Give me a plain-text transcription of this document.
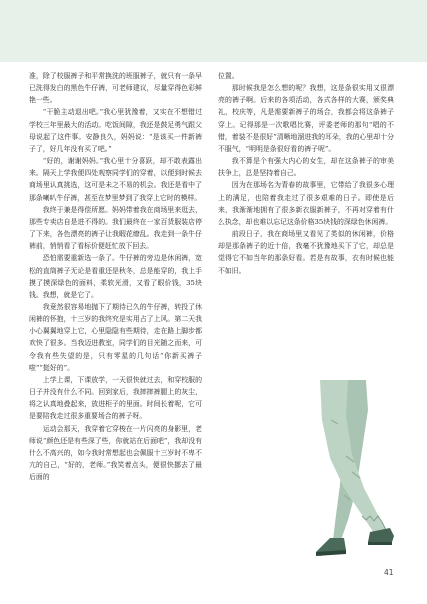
准，除了校服裤子和平常换洗的班服裤子，就只有一条早已洗得发白的黑色牛仔裤，可老师建议，尽量穿得色彩鲜艳一些。

“干脆主动退出吧。”我心里犹豫着，又实在不想错过学校三年里最大的活动。吃饭间隙，我还是鼓足勇气跟父母说起了这件事。安静良久，妈妈说：“是该买一件新裤子了，好几年没有买了吧。”

“好的，谢谢妈妈。”我心里十分喜跃，却不敢表露出来。隔天上学我便四处观察同学们的穿着，以便到时候去商场里认真挑选，这可是未之不易的机会。我还是看中了那条喇叭牛仔裤，甚至在梦里梦到了我穿上它时的模样。

我终于兼是得偿所愿。妈妈带着我在商场里来逛去，那些专卖店自是进不得的。我们最终在一家百货服装店停了下来，各色漂亮的裤子让我暇花缭乱。我走到一条牛仔裤前，悄悄看了看标价便赶忙放下回去。

恐怕需要重新选一条了。牛仔裤的旁边是休闲裤，宽松的直筒裤子无论是看重还是秋冬，总是能穿的，我上手摸了摸深绿色的面料，柔软光滑，又看了眼价钱，35块钱。我想，就是它了。

我竟然很容易地抛下了期待已久的牛仔裤，转投了休闲裤的怀抱，十三岁的我终究是实用占了上风。第二天我小心翼翼地穿上它，心里隐隐有些期待，走在路上脚步都欢快了很多。当我迈进教室，同学们的目光随之而来，可令我有些失望的是，只有零星的几句话“你新买裤子啦”“挺好的”。

上学上课，下课放学，一天很快就过去，和穿校服的日子并没有什么不同。回到家后，我摔摔裤腿上的灰尘，将之认真地叠起来，放进柜子的里面。时间长着呢，它可是要陪我走过很多重要场合的裤子呀。

运动会那天，我穿着它穿梭在一片闪亮的身影里，老师说“颜色还是有些深了些，你就站在后面吧”，我却没有什么不高兴的，如今我时常想起也会佩服十三岁时不卑不亢的自己，“好的，老师。”我笑着点头，便很快挪去了最后面的

位置。

那时候我是怎么想的呢？我想，这是条很实用又很漂亮的裤子啊。后来的各项活动，各式各样的大赛，颁奖典礼，校庆等，凡是需要新裤子的场合，我都会将这条裤子穿上。记得那是一次歌唱比赛，评委老师的那句“唱的不错，着装不是很好”清晰地溜进我的耳朵，我的心里却十分不服气，“明明是条很好看的裤子呢”。

我不算是个有强大内心的女生，却在这条裤子的审美扶争上，总是坚持着自己。

因为在那场名为青春的故事里，它带给了我很多心理上的满足，也陪着我走过了很多艰难的日子。即使是后来，我渐渐地拥有了很多新衣服新裤子，不再对穿着有什么执念，却也难以忘记这条价格35块钱的深绿色休闲裤。

前段日子，我在商场里又看见了类似的休闲裤，价格却是那条裤子的近十倍，我毫不犹豫地买下了它，却总是觉得它不如当年的那条好看。若是有故事，衣有时候也能不如旧。

41
